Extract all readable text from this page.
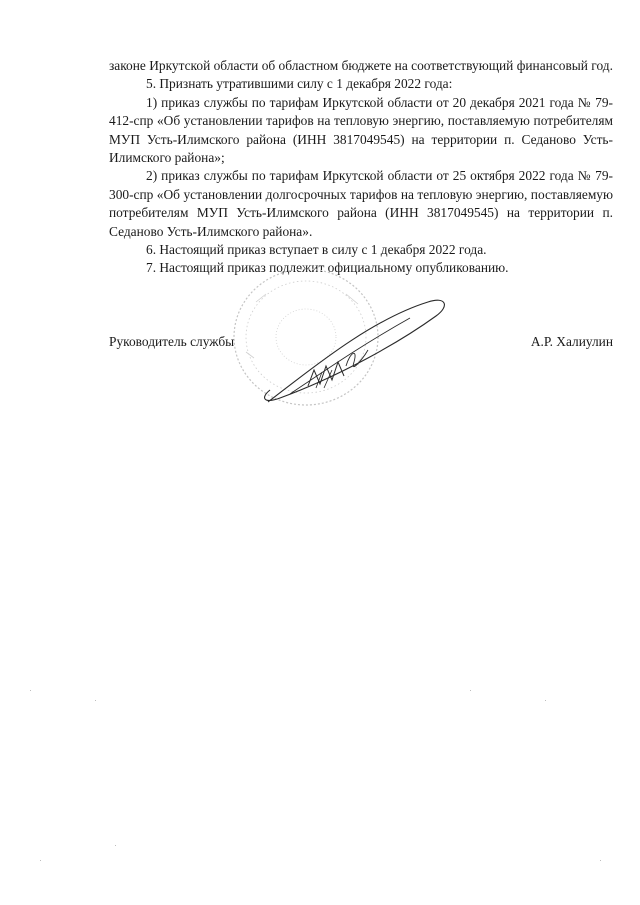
законе Иркутской области об областном бюджете на соответствующий финансовый год.

5. Признать утратившими силу с 1 декабря 2022 года:

1) приказ службы по тарифам Иркутской области от 20 декабря 2021 года № 79-412-спр «Об установлении тарифов на тепловую энергию, поставляемую потребителям МУП Усть-Илимского района (ИНН 3817049545) на территории п. Седаново Усть-Илимского района»;

2) приказ службы по тарифам Иркутской области от 25 октября 2022 года № 79-300-спр «Об установлении долгосрочных тарифов на тепловую энергию, поставляемую потребителям МУП Усть-Илимского района (ИНН 3817049545) на территории п. Седаново Усть-Илимского района».

6. Настоящий приказ вступает в силу с 1 декабря 2022 года.

7. Настоящий приказ подлежит официальному опубликованию.

Руководитель службы	А.Р. Халиулин
